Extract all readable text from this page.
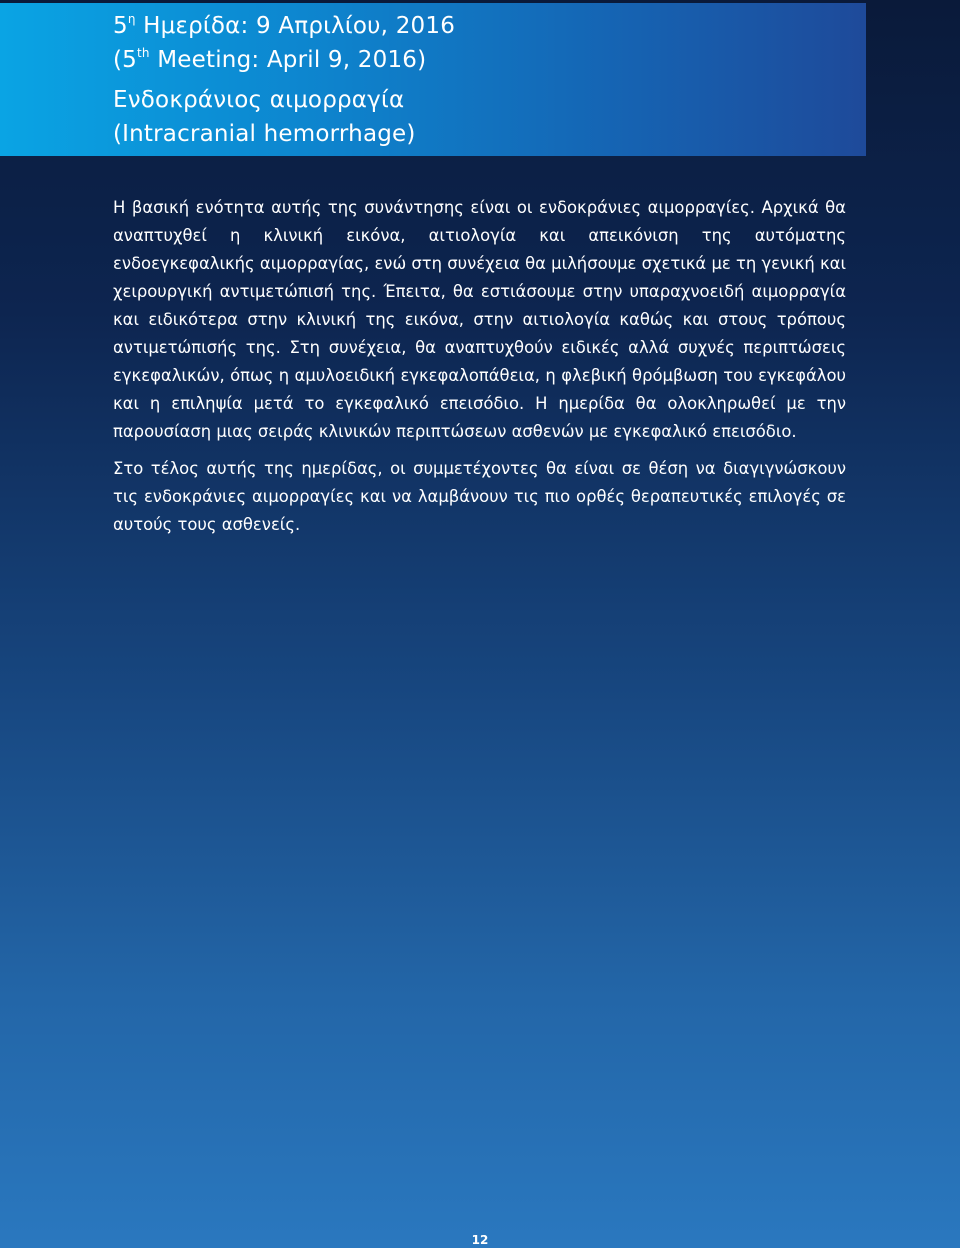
$5^\eta$ Ημερίδα: 9 Απριλίου, 2016
(5th Meeting: April 9, 2016)
Ενδοκράνιος αιμορραγία
(Intracranial hemorrhage)

Η βασική ενότητα αυτής της συνάντησης είναι οι ενδοκράνιες αιμορραγίες. Αρχικά θα αναπτυχθεί η κλινική εικόνα, αιτιολογία και απεικόνιση της αυτόματης ενδοεγκεφαλικής αιμορραγίας, ενώ στη συνέχεια θα μιλήσουμε σχετικά με τη γενική και χειρουργική αντιμετώπισή της. Έπειτα, θα εστιάσουμε στην υπαραχνοειδή αιμορραγία και ειδικότερα στην κλινική της εικόνα, στην αιτιολογία καθώς και στους τρόπους αντιμετώπισής της. Στη συνέχεια, θα αναπτυχθούν ειδικές αλλά συχνές περιπτώσεις εγκεφαλικών, όπως η αμυλοειδική εγκεφαλοπάθεια, η φλεβική θρόμβωση του εγκεφάλου και η επιληψία μετά το εγκεφαλικό επεισόδιο. Η ημερίδα θα ολοκληρωθεί με την παρουσίαση μιας σειράς κλινικών περιπτώσεων ασθενών με εγκεφαλικό επεισόδιο.

Στο τέλος αυτής της ημερίδας, οι συμμετέχοντες θα είναι σε θέση να διαγιγνώσκουν τις ενδοκράνιες αιμορραγίες και να λαμβάνουν τις πιο ορθές θεραπευτικές επιλογές σε αυτούς τους ασθενείς.

12
